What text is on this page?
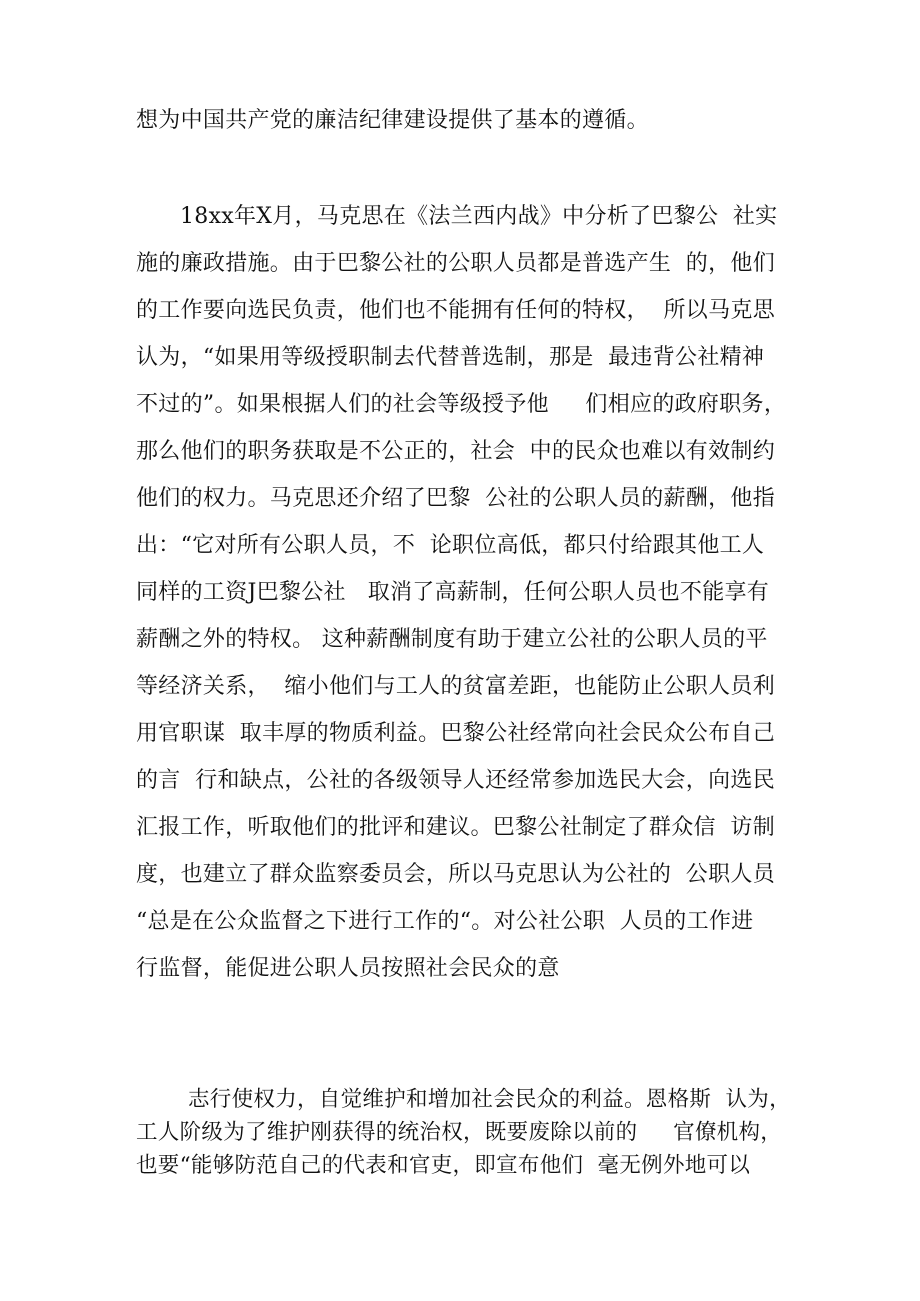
想为中国共产党的廉洁纪律建设提供了基本的遵循。
18xx年X月，马克思在《法兰西内战》中分析了巴黎公  社实
施的廉政措施。由于巴黎公社的公职人员都是普选产生  的，他们
的工作要向选民负责，他们也不能拥有任何的特权，  所以马克思
认为，“如果用等级授职制去代替普选制，那是  最违背公社精神
不过的”。如果根据人们的社会等级授予他     们相应的政府职务，
那么他们的职务获取是不公正的，社会  中的民众也难以有效制约
他们的权力。马克思还介绍了巴黎  公社的公职人员的薪酬，他指
出：“它对所有公职人员，不  论职位高低，都只付给跟其他工人
同样的工资J巴黎公社   取消了高薪制，任何公职人员也不能享有
薪酬之外的特权。 这种薪酬制度有助于建立公社的公职人员的平
等经济关系，  缩小他们与工人的贫富差距，也能防止公职人员利
用官职谋  取丰厚的物质利益。巴黎公社经常向社会民众公布自己
的言  行和缺点，公社的各级领导人还经常参加选民大会，向选民
汇报工作，听取他们的批评和建议。巴黎公社制定了群众信  访制
度，也建立了群众监察委员会，所以马克思认为公社的  公职人员
“总是在公众监督之下进行工作的“。对公社公职  人员的工作进
行监督，能促进公职人员按照社会民众的意
志行使权力，自觉维护和增加社会民众的利益。恩格斯  认为，
工人阶级为了维护刚获得的统治权，既要废除以前的     官僚机构，
也要“能够防范自己的代表和官吏，即宣布他们  毫无例外地可以
